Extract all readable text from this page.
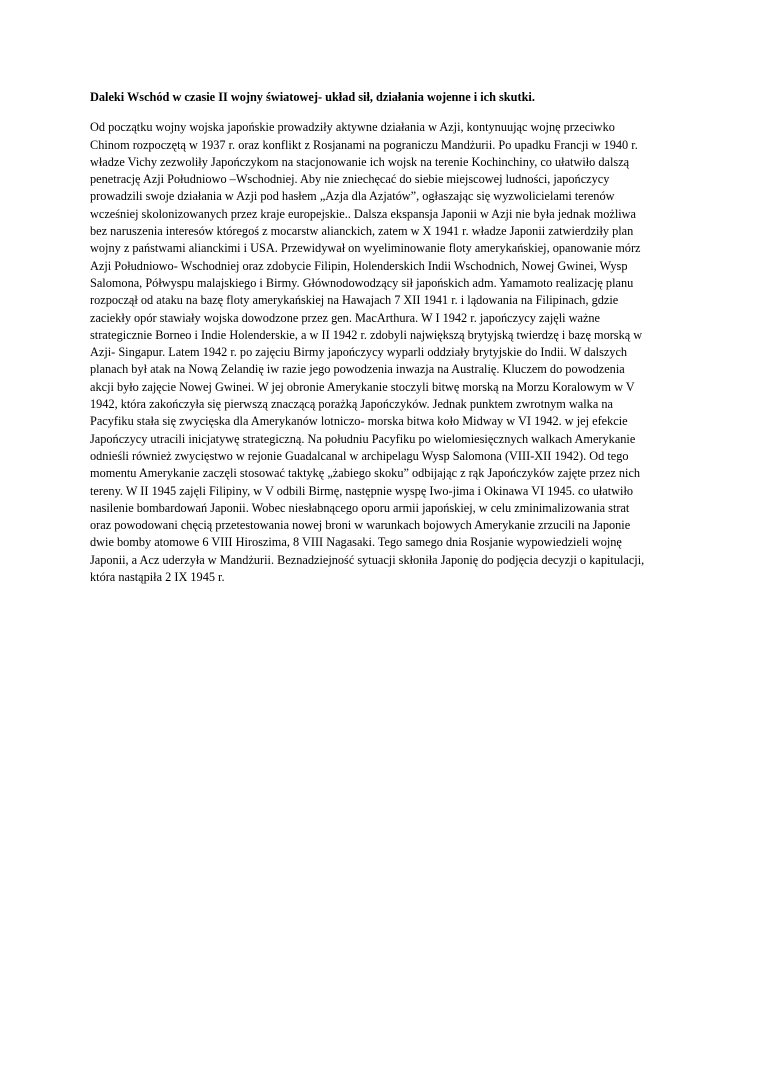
Daleki Wschód w czasie II wojny światowej- układ sił, działania wojenne i ich skutki.

Od początku wojny wojska japońskie prowadziły aktywne działania w Azji, kontynuując wojnę przeciwko
Chinom rozpoczętą w 1937 r. oraz konflikt z Rosjanami na pograniczu Mandżurii. Po upadku Francji w 1940 r.
władze Vichy zezwoliły Japończykom na stacjonowanie ich wojsk na terenie Kochinchiny, co ułatwiło dalszą
penetrację Azji Południowo –Wschodniej. Aby nie zniechęcać do siebie miejscowej ludności, japończycy
prowadzili swoje działania w Azji pod hasłem „Azja dla Azjatów”, ogłaszając się wyzwolicielami terenów
wcześniej skolonizowanych przez kraje europejskie.. Dalsza ekspansja Japonii w Azji nie była jednak możliwa
bez naruszenia interesów któregoś z mocarstw alianckich, zatem w X 1941 r. władze Japonii zatwierdziły plan
wojny z państwami alianckimi i USA. Przewidywał on wyeliminowanie floty amerykańskiej, opanowanie mórz
Azji Południowo- Wschodniej oraz zdobycie Filipin, Holenderskich Indii Wschodnich, Nowej Gwinei, Wysp
Salomona, Półwyspu malajskiego i Birmy. Głównodowodzący sił japońskich adm. Yamamoto realizację planu
rozpoczął od ataku na bazę floty amerykańskiej na Hawajach 7 XII 1941 r. i lądowania na Filipinach, gdzie
zaciekły opór stawiały wojska dowodzone przez gen. MacArthura. W I 1942 r. japończycy zajęli ważne
strategicznie Borneo i Indie Holenderskie, a w II 1942 r. zdobyli największą brytyjską twierdzę i bazę morską w
Azji- Singapur. Latem 1942 r. po zajęciu Birmy japończycy wyparli oddziały brytyjskie do Indii. W dalszych
planach był atak na Nową Zelandię iw razie jego powodzenia inwazja na Australię. Kluczem do powodzenia
akcji było zajęcie Nowej Gwinei. W jej obronie Amerykanie stoczyli bitwę morską na Morzu Koralowym w V
1942, która zakończyła się pierwszą znaczącą porażką Japończyków. Jednak punktem zwrotnym walka na
Pacyfiku stała się zwycięska dla Amerykanów lotniczo- morska bitwa koło Midway w VI 1942. w jej efekcie
Japończycy utracili inicjatywę strategiczną. Na południu Pacyfiku po wielomiesięcznych walkach Amerykanie
odnieśli również zwycięstwo w rejonie Guadalcanal w archipelagu Wysp Salomona (VIII-XII 1942). Od tego
momentu Amerykanie zaczęli stosować taktykę „żabiego skoku” odbijając z rąk Japończyków zajęte przez nich
tereny. W II 1945 zajęli Filipiny, w V odbili Birmę, następnie wyspę Iwo-jima i Okinawa VI 1945. co ułatwiło
nasilenie bombardowań Japonii. Wobec niesłabnącego oporu armii japońskiej, w celu zminimalizowania strat
oraz powodowani chęcią przetestowania nowej broni w warunkach bojowych Amerykanie zrzucili na Japonie
dwie bomby atomowe 6 VIII Hiroszima, 8 VIII Nagasaki. Tego samego dnia Rosjanie wypowiedzieli wojnę
Japonii, a Acz uderzyła w Mandżurii. Beznadziejność sytuacji skłoniła Japonię do podjęcia decyzji o kapitulacji,
która nastąpiła 2 IX 1945 r.
